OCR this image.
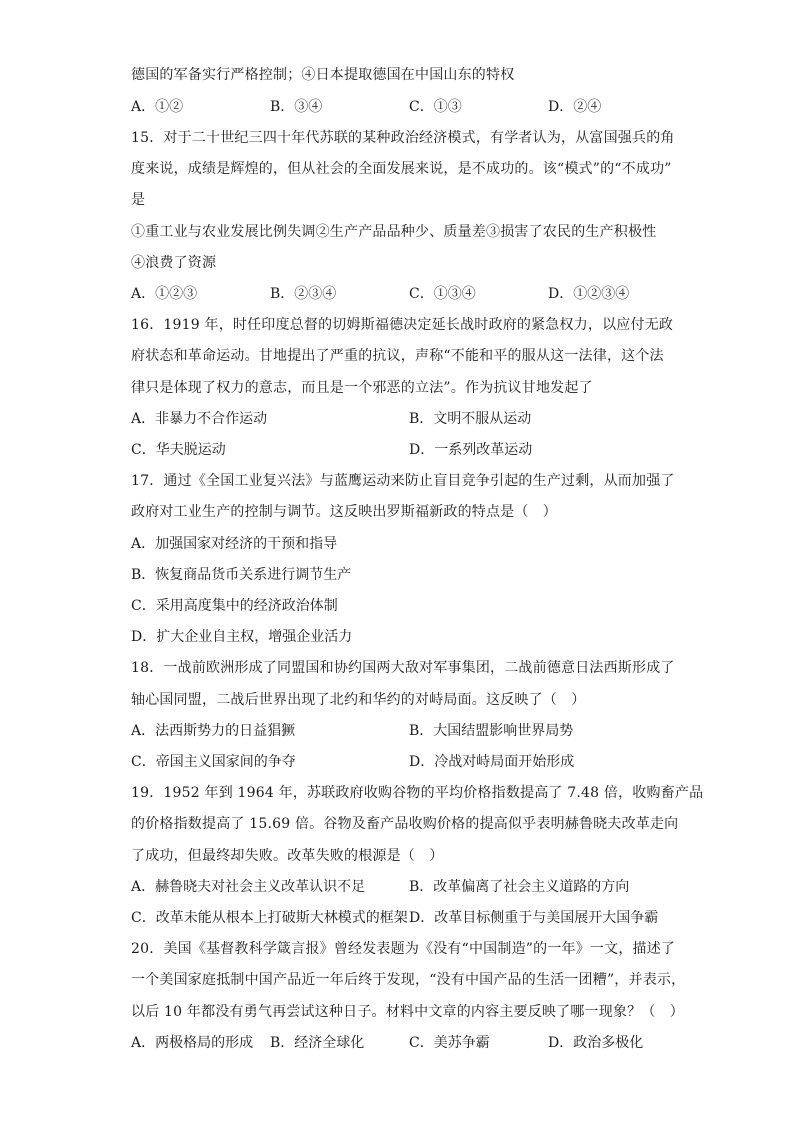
德国的军备实行严格控制；④日本提取德国在中国山东的特权
A．①②	B．③④	C．①③	D．②④
15．对于二十世纪三四十年代苏联的某种政治经济模式，有学者认为，从富国强兵的角
度来说，成绩是辉煌的，但从社会的全面发展来说，是不成功的。该“模式”的“不成功”
是
①重工业与农业发展比例失调②生产产品品种少、质量差③损害了农民的生产积极性
④浪费了资源
A．①②③	B．②③④	C．①③④	D．①②③④
16．1919 年，时任印度总督的切姆斯福德决定延长战时政府的紧急权力，以应付无政
府状态和革命运动。甘地提出了严重的抗议，声称“不能和平的服从这一法律，这个法
律只是体现了权力的意志，而且是一个邪恶的立法”。作为抗议甘地发起了
A．非暴力不合作运动	B．文明不服从运动
C．华夫脱运动	D．一系列改革运动
17．通过《全国工业复兴法》与蓝鹰运动来防止盲目竞争引起的生产过剩，从而加强了
政府对工业生产的控制与调节。这反映出罗斯福新政的特点是（　）
A．加强国家对经济的干预和指导
B．恢复商品货币关系进行调节生产
C．采用高度集中的经济政治体制
D．扩大企业自主权，增强企业活力
18．一战前欧洲形成了同盟国和协约国两大敌对军事集团，二战前德意日法西斯形成了
轴心国同盟，二战后世界出现了北约和华约的对峙局面。这反映了（　）
A．法西斯势力的日益猖獗	B．大国结盟影响世界局势
C．帝国主义国家间的争夺	D．冷战对峙局面开始形成
19．1952 年到 1964 年，苏联政府收购谷物的平均价格指数提高了 7.48 倍，收购畜产品
的价格指数提高了 15.69 倍。谷物及畜产品收购价格的提高似乎表明赫鲁晓夫改革走向
了成功，但最终却失败。改革失败的根源是（　）
A．赫鲁晓夫对社会主义改革认识不足	B．改革偏离了社会主义道路的方向
C．改革未能从根本上打破斯大林模式的框架 D．改革目标侧重于与美国展开大国争霸
20．美国《基督教科学箴言报》曾经发表题为《没有“中国制造”的一年》一文，描述了
一个美国家庭抵制中国产品近一年后终于发现，“没有中国产品的生活一团糟”，并表示，
以后 10 年都没有勇气再尝试这种日子。材料中文章的内容主要反映了哪一现象？（　）
A．两极格局的形成 B．经济全球化	C．美苏争霸	D．政治多极化
